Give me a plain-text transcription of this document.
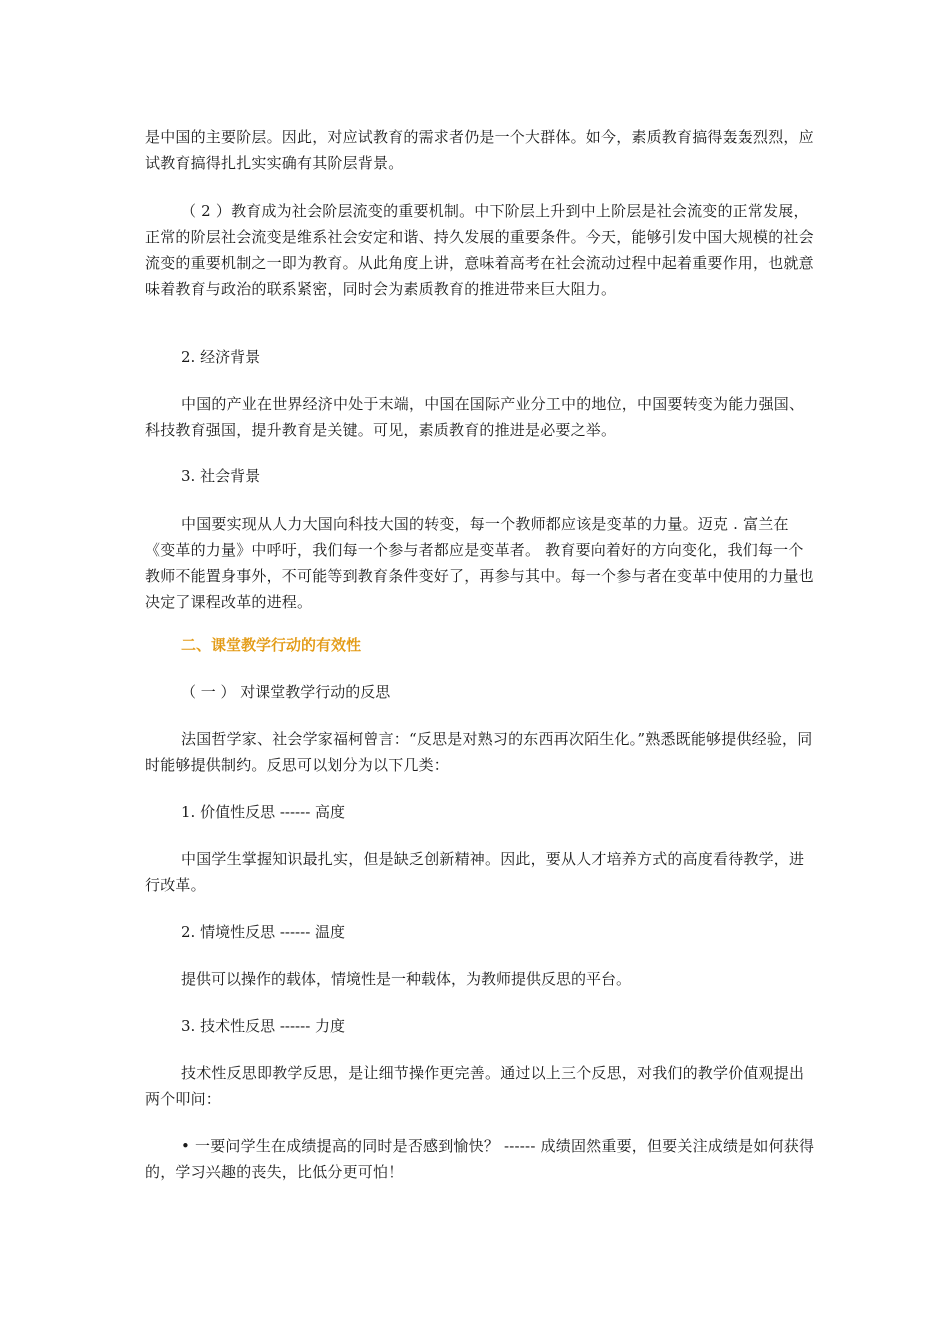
是中国的主要阶层。因此，对应试教育的需求者仍是一个大群体。如今，素质教育搞得轰轰烈烈，应试教育搞得扎扎实实确有其阶层背景。

（ 2 ）教育成为社会阶层流变的重要机制。中下阶层上升到中上阶层是社会流变的正常发展，正常的阶层社会流变是维系社会安定和谐、持久发展的重要条件。今天，能够引发中国大规模的社会流变的重要机制之一即为教育。从此角度上讲，意味着高考在社会流动过程中起着重要作用，也就意味着教育与政治的联系紧密，同时会为素质教育的推进带来巨大阻力。

2. 经济背景

中国的产业在世界经济中处于末端，中国在国际产业分工中的地位，中国要转变为能力强国、科技教育强国，提升教育是关键。可见，素质教育的推进是必要之举。

3. 社会背景

中国要实现从人力大国向科技大国的转变，每一个教师都应该是变革的力量。迈克 . 富兰在《变革的力量》中呼吁，我们每一个参与者都应是变革者。 教育要向着好的方向变化，我们每一个教师不能置身事外，不可能等到教育条件变好了，再参与其中。每一个参与者在变革中使用的力量也决定了课程改革的进程。

二、课堂教学行动的有效性

（ 一 ） 对课堂教学行动的反思

法国哲学家、社会学家福柯曾言：“反思是对熟习的东西再次陌生化。”熟悉既能够提供经验，同时能够提供制约。反思可以划分为以下几类：

1. 价值性反思 ------ 高度

中国学生掌握知识最扎实，但是缺乏创新精神。因此，要从人才培养方式的高度看待教学，进行改革。

2. 情境性反思 ------ 温度

提供可以操作的载体，情境性是一种载体，为教师提供反思的平台。

3. 技术性反思 ------ 力度

技术性反思即教学反思，是让细节操作更完善。通过以上三个反思，对我们的教学价值观提出两个叩问：

• 一要问学生在成绩提高的同时是否感到愉快？ ------ 成绩固然重要，但要关注成绩是如何获得的，学习兴趣的丧失，比低分更可怕！
